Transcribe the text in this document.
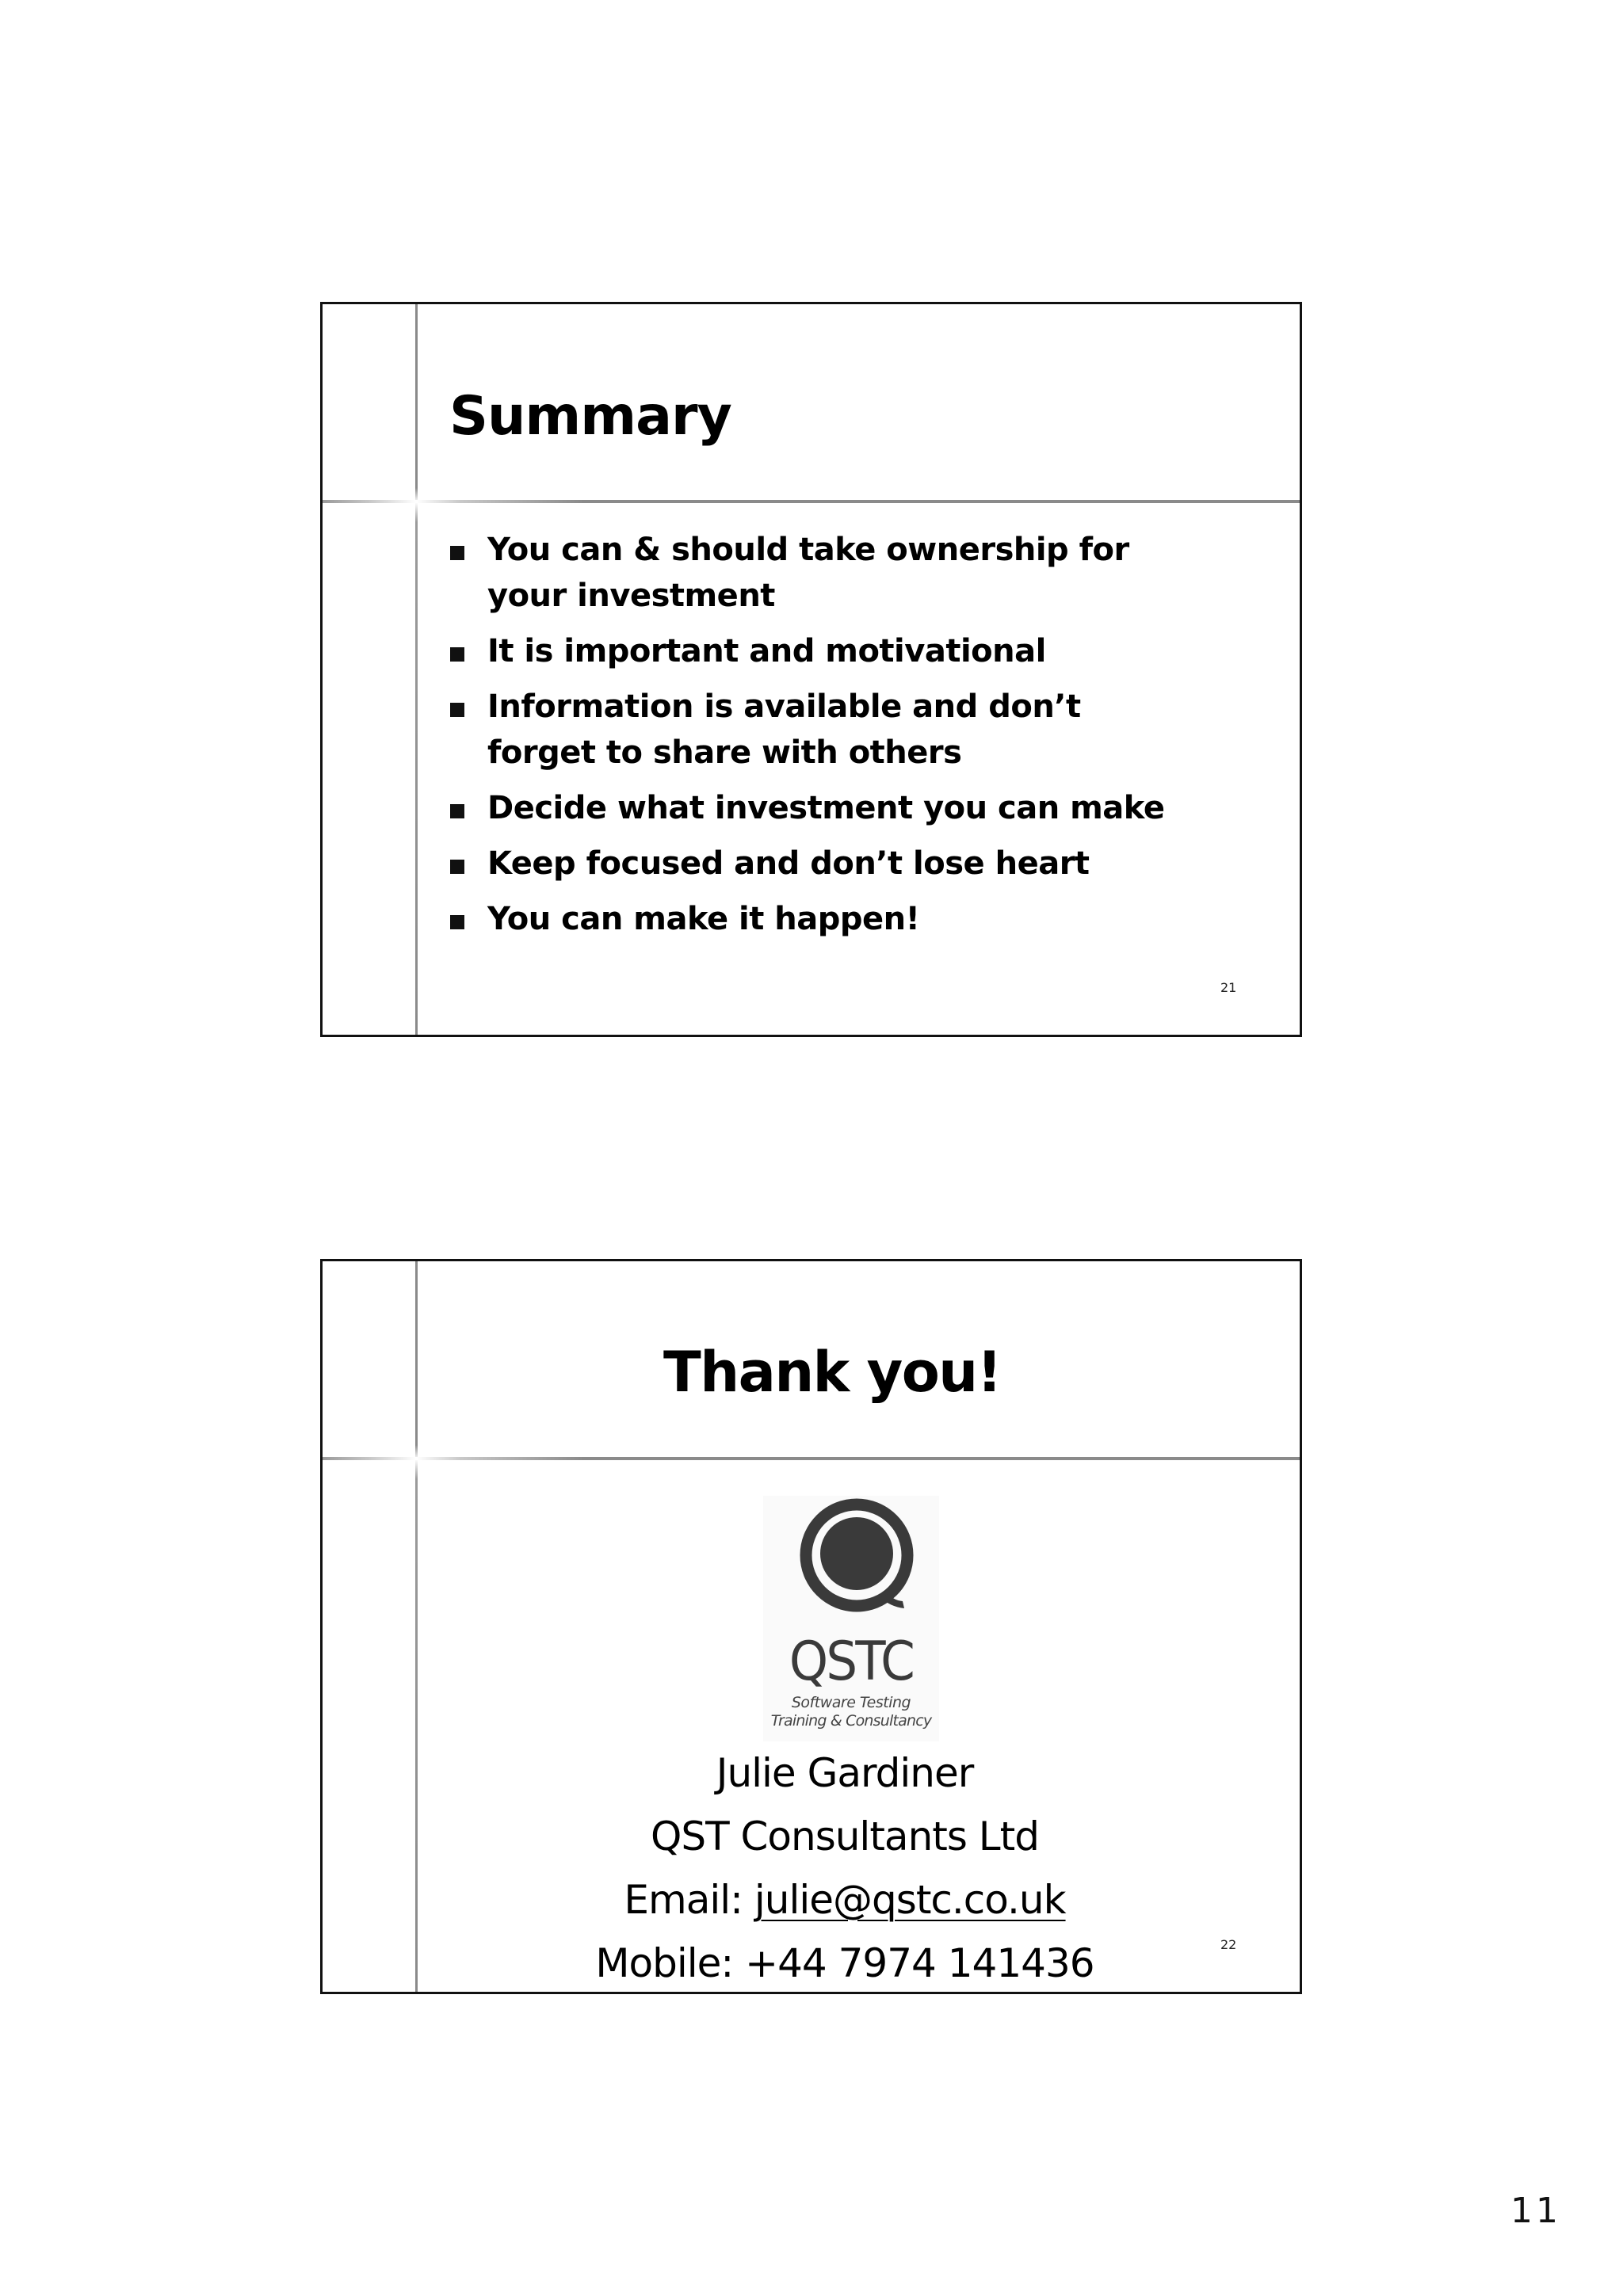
Summary
You can & should take ownership for
your investment
It is important and motivational
Information is available and don’t
forget to share with others
Decide what investment you can make
Keep focused and don’t lose heart
You can make it happen!
21
Thank you!
QSTC
Software Testing
Training & Consultancy
Julie Gardiner
QST Consultants Ltd
Email: julie@qstc.co.uk
Mobile: +44 7974 141436	22
11
